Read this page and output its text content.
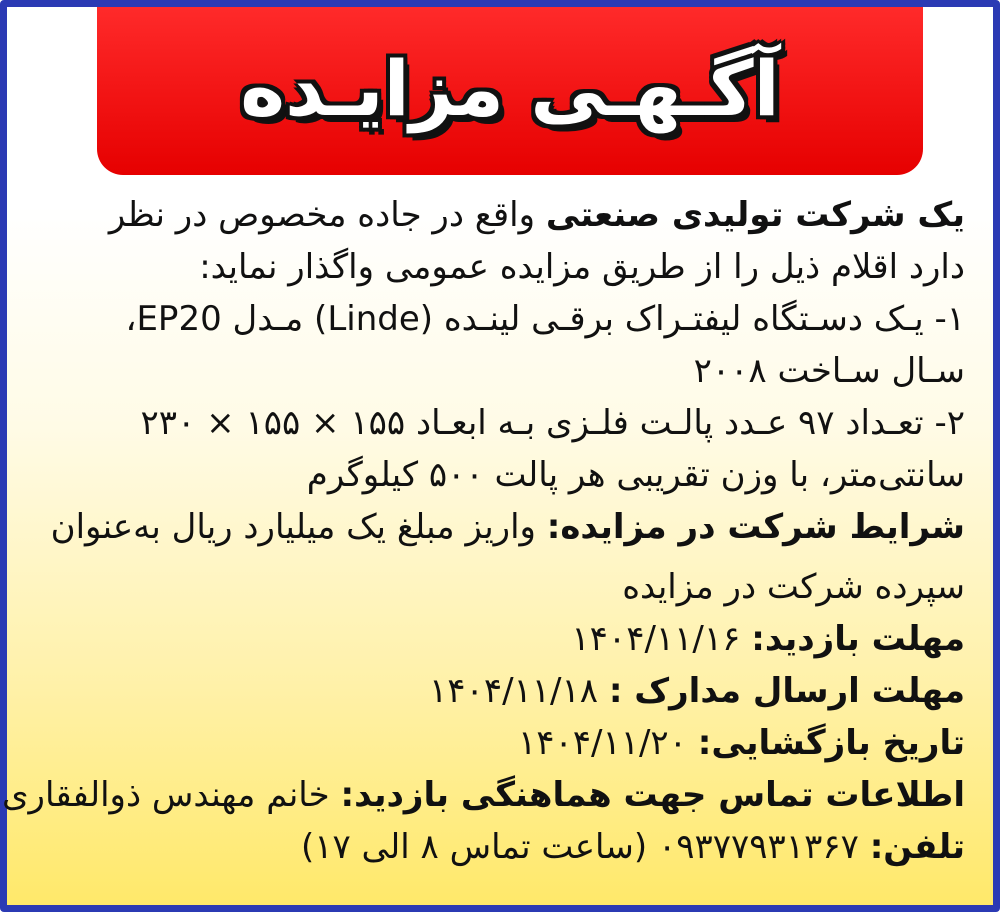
آگـهـی مزایـده
یک شرکت تولیدی صنعتی واقع در جاده مخصوص در نظر
دارد اقلام ذیل را از طریق مزایده عمومی واگذار نماید:
۱- یـک دسـتگاه لیفتـراک برقـی لینـده (Linde) مـدل EP20،
سـال سـاخت ۲۰۰۸
۲- تعـداد ۹۷ عـدد پالـت فلـزی بـه ابعـاد ۱۵۵ × ۱۵۵ × ۲۳۰
سانتی‌متر، با وزن تقریبی هر پالت ۵۰۰ کیلوگرم
شرایط شرکت در مزایده: واریز مبلغ یک میلیارد ریال به‌عنوان
سپرده شرکت در مزایده
مهلت بازدید: ۱۴۰۴/۱۱/۱۶
مهلت ارسال مدارک : ۱۴۰۴/۱۱/۱۸
تاریخ بازگشایی: ۱۴۰۴/۱۱/۲۰
اطلاعات تماس جهت هماهنگی بازدید: خانم مهندس ذوالفقاری
تلفن: ۰۹۳۷۷۹۳۱۳۶۷ (ساعت تماس ۸ الی ۱۷)
